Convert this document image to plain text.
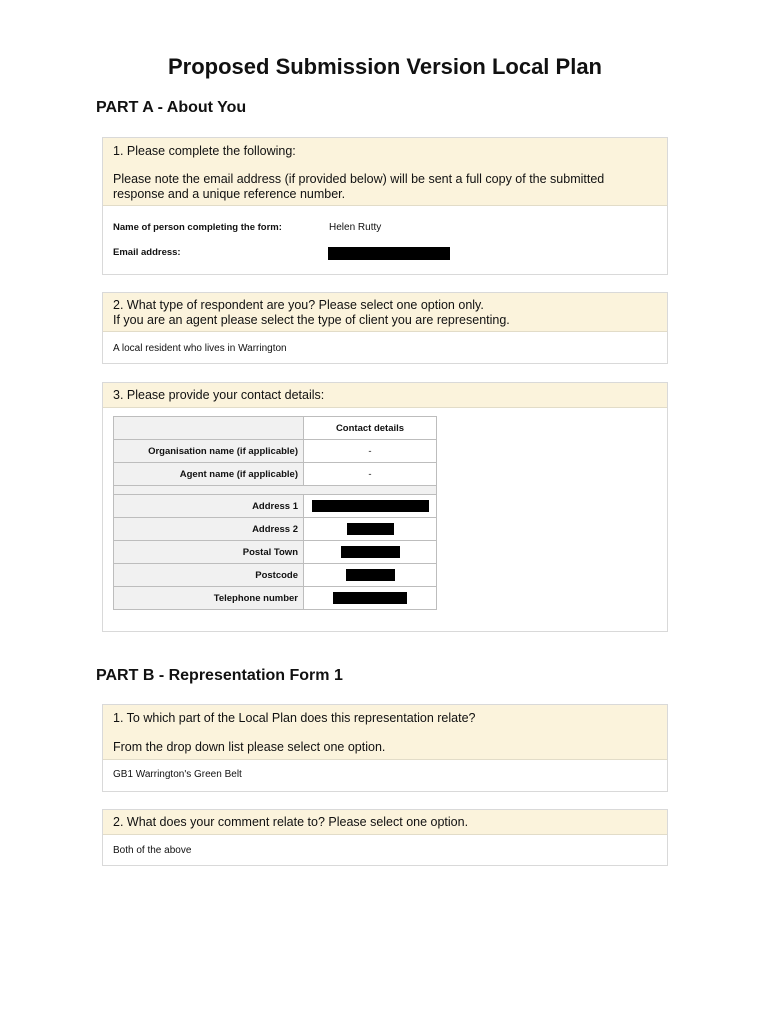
Proposed Submission Version Local Plan
PART A - About You
1. Please complete the following:
Please note the email address (if provided below) will be sent a full copy of the submitted
response and a unique reference number.
Name of person completing the form:	Helen Rutty
Email address:
2. What type of respondent are you? Please select one option only.
If you are an agent please select the type of client you are representing.
A local resident who lives in Warrington
3. Please provide your contact details:
	Contact details
Organisation name (if applicable)	-
Agent name (if applicable)	-

Address 1	
Address 2	
Postal Town	
Postcode	
Telephone number	
PART B - Representation Form 1
1. To which part of the Local Plan does this representation relate?
From the drop down list please select one option.
GB1 Warrington's Green Belt
2. What does your comment relate to? Please select one option.
Both of the above
